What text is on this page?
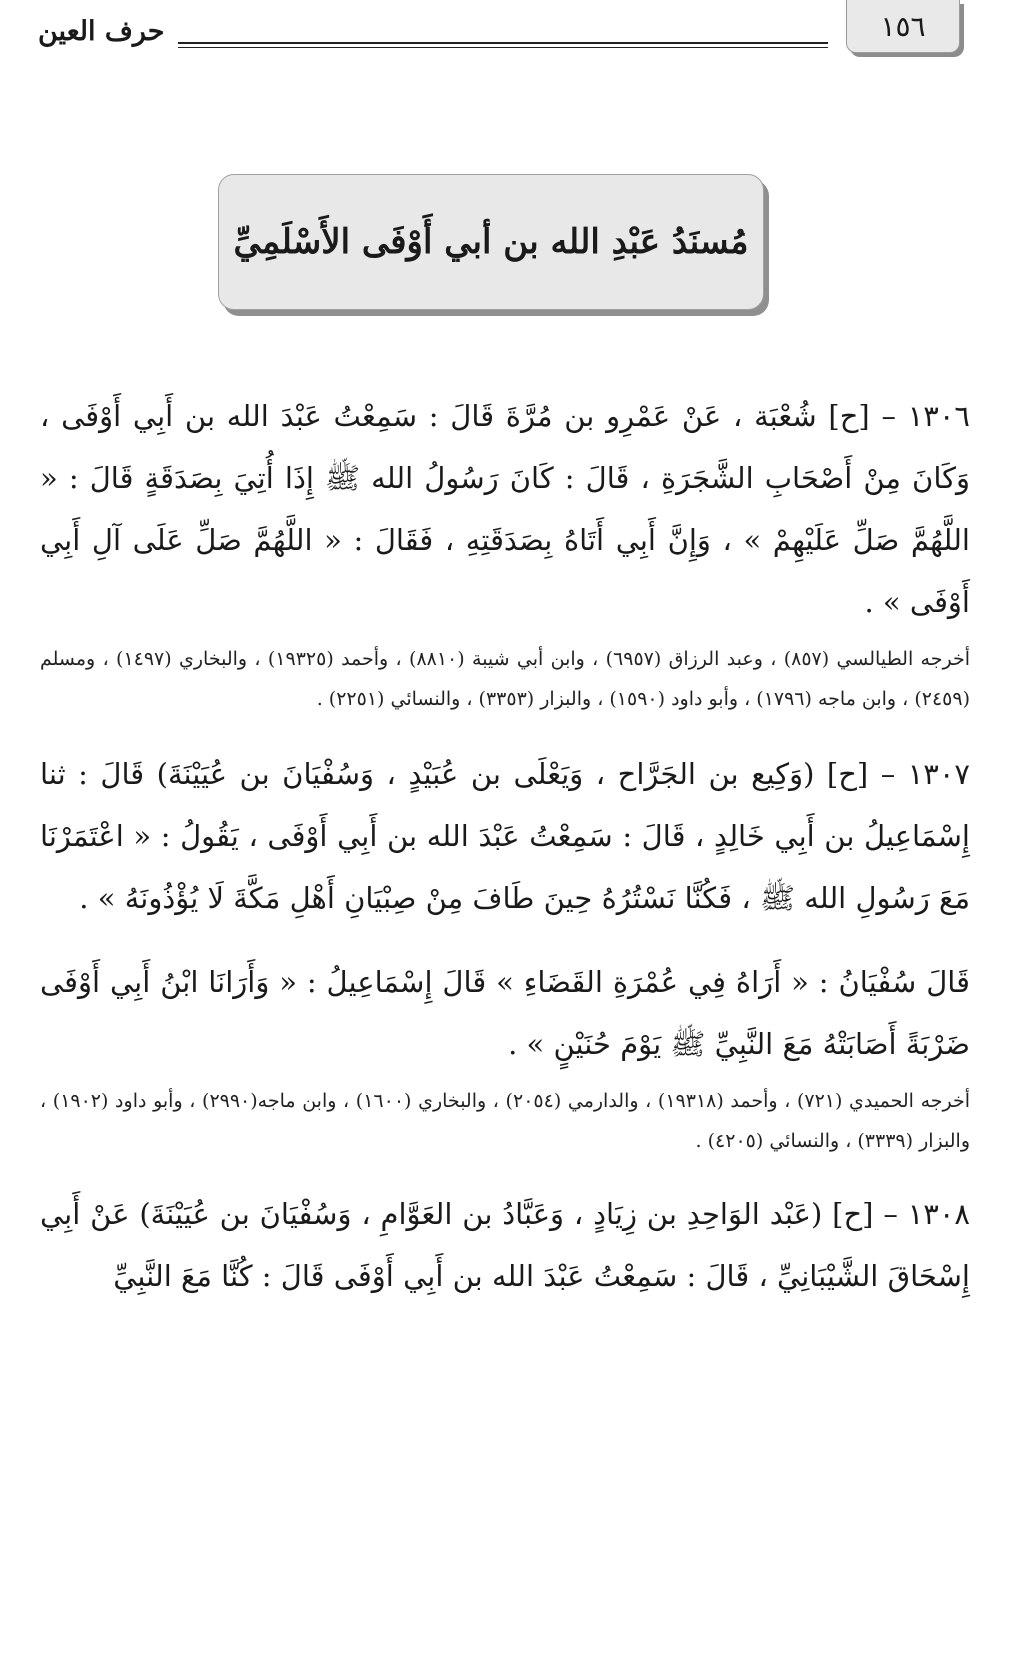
١٥٦
حرف العين
مُسنَدُ عَبْدِ الله بن أبي أَوْفَى الأَسْلَمِيِّ

١٣٠٦ – [ح] شُعْبَة ، عَنْ عَمْرِو بن مُرَّةَ قَالَ : سَمِعْتُ عَبْدَ الله بن أَبِي أَوْفَى ، وَكَانَ مِنْ أَصْحَابِ الشَّجَرَةِ ، قَالَ : كَانَ رَسُولُ الله ﷺ إِذَا أُتِيَ بِصَدَقَةٍ قَالَ : « اللَّهُمَّ صَلِّ عَلَيْهِمْ » ، وَإِنَّ أَبِي أَتَاهُ بِصَدَقَتِهِ ، فَقَالَ : « اللَّهُمَّ صَلِّ عَلَى آلِ أَبِي أَوْفَى » .

أخرجه الطيالسي (٨٥٧) ، وعبد الرزاق (٦٩٥٧) ، وابن أبي شيبة (٨٨١٠) ، وأحمد (١٩٣٢٥) ، والبخاري (١٤٩٧) ، ومسلم (٢٤٥٩) ، وابن ماجه (١٧٩٦) ، وأبو داود (١٥٩٠) ، والبزار (٣٣٥٣) ، والنسائي (٢٢٥١) .

١٣٠٧ – [ح] (وَكِيع بن الجَرَّاح ، وَيَعْلَى بن عُبَيْدٍ ، وَسُفْيَانَ بن عُيَيْنَةَ) قَالَ : ثنا إِسْمَاعِيلُ بن أَبِي خَالِدٍ ، قَالَ : سَمِعْتُ عَبْدَ الله بن أَبِي أَوْفَى ، يَقُولُ : « اعْتَمَرْنَا مَعَ رَسُولِ الله ﷺ ، فَكُنَّا نَسْتُرُهُ حِينَ طَافَ مِنْ صِبْيَانِ أَهْلِ مَكَّةَ لَا يُؤْذُونَهُ » .

قَالَ سُفْيَانُ : « أَرَاهُ فِي عُمْرَةِ القَضَاءِ » قَالَ إِسْمَاعِيلُ : « وَأَرَانَا ابْنُ أَبِي أَوْفَى ضَرْبَةً أَصَابَتْهُ مَعَ النَّبِيِّ ﷺ يَوْمَ حُنَيْنٍ » .

أخرجه الحميدي (٧٢١) ، وأحمد (١٩٣١٨) ، والدارمي (٢٠٥٤) ، والبخاري (١٦٠٠) ، وابن ماجه(٢٩٩٠) ، وأبو داود (١٩٠٢) ، والبزار (٣٣٣٩) ، والنسائي (٤٢٠٥) .

١٣٠٨ – [ح] (عَبْد الوَاحِدِ بن زِيَادٍ ، وَعَبَّادُ بن العَوَّامِ ، وَسُفْيَانَ بن عُيَيْنَةَ) عَنْ أَبِي إِسْحَاقَ الشَّيْبَانِيِّ ، قَالَ : سَمِعْتُ عَبْدَ الله بن أَبِي أَوْفَى قَالَ : كُنَّا مَعَ النَّبِيِّ
